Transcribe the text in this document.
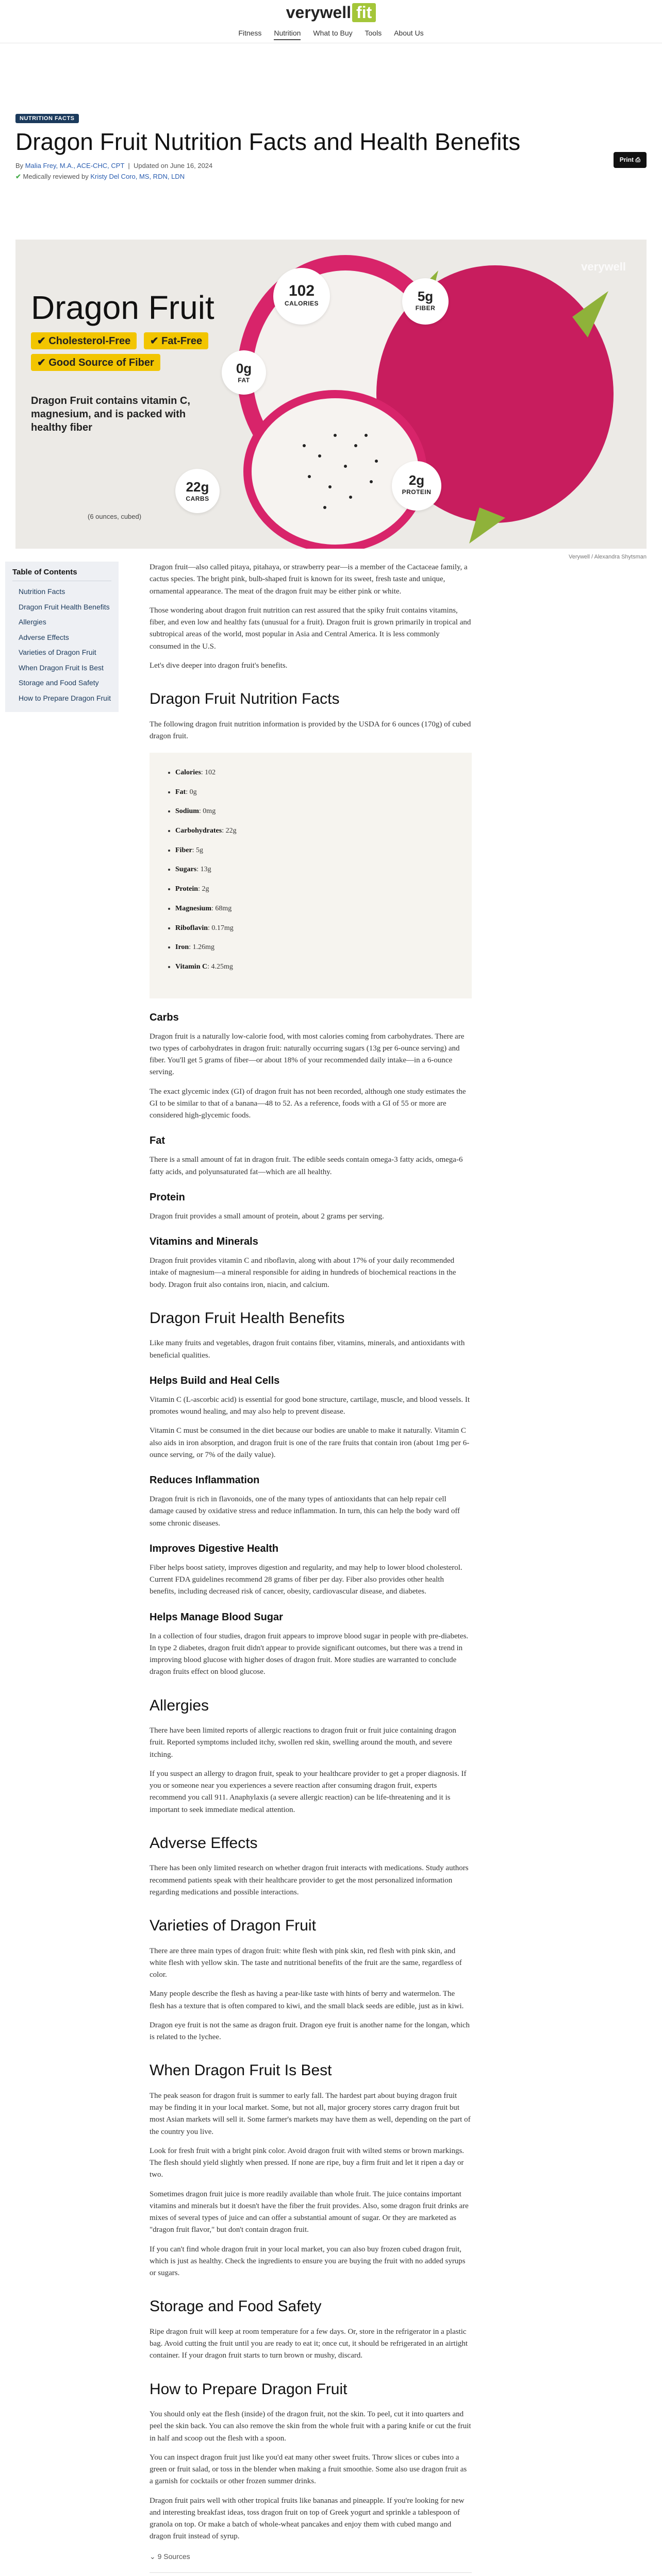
verywell fit
Fitness Nutrition What to Buy Tools About Us
NUTRITION FACTS
Dragon Fruit Nutrition Facts and Health Benefits
By Malia Frey, M.A., ACE-CHC, CPT  |  Updated on June 16, 2024
✔ Medically reviewed by Kristy Del Coro, MS, RDN, LDN
Print ⎙
verywell
Dragon Fruit
✔ Cholesterol-Free ✔ Fat-Free
✔ Good Source of Fiber
Dragon Fruit contains vitamin C, magnesium, and is packed with healthy fiber
102
CALORIES	5g
FIBER
0g
FAT
22g
CARBS
2g
PROTEIN
(6 ounces, cubed)
Verywell / Alexandra Shytsman
Table of Contents
Nutrition Facts
Dragon Fruit Health Benefits
Allergies
Adverse Effects
Varieties of Dragon Fruit
When Dragon Fruit Is Best
Storage and Food Safety
How to Prepare Dragon Fruit

Dragon fruit—also called pitaya, pitahaya, or strawberry pear—is a member of the Cactaceae family, a cactus species. The bright pink, bulb-shaped fruit is known for its sweet, fresh taste and unique, ornamental appearance. The meat of the dragon fruit may be either pink or white.

Those wondering about dragon fruit nutrition can rest assured that the spiky fruit contains vitamins, fiber, and even low and healthy fats (unusual for a fruit). Dragon fruit is grown primarily in tropical and subtropical areas of the world, most popular in Asia and Central America. It is less commonly consumed in the U.S.

Let's dive deeper into dragon fruit's benefits.

Dragon Fruit Nutrition Facts

The following dragon fruit nutrition information is provided by the USDA for 6 ounces (170g) of cubed dragon fruit.

• Calories: 102
• Fat: 0g
• Sodium: 0mg
• Carbohydrates: 22g
• Fiber: 5g
• Sugars: 13g
• Protein: 2g
• Magnesium: 68mg
• Riboflavin: 0.17mg
• Iron: 1.26mg
• Vitamin C: 4.25mg
Carbs

Dragon fruit is a naturally low-calorie food, with most calories coming from carbohydrates. There are two types of carbohydrates in dragon fruit: naturally occurring sugars (13g per 6-ounce serving) and fiber. You'll get 5 grams of fiber—or about 18% of your recommended daily intake—in a 6-ounce serving.

The exact glycemic index (GI) of dragon fruit has not been recorded, although one study estimates the GI to be similar to that of a banana—48 to 52. As a reference, foods with a GI of 55 or more are considered high-glycemic foods.

Fat

There is a small amount of fat in dragon fruit. The edible seeds contain omega-3 fatty acids, omega-6 fatty acids, and polyunsaturated fat—which are all healthy.

Protein

Dragon fruit provides a small amount of protein, about 2 grams per serving.

Vitamins and Minerals

Dragon fruit provides vitamin C and riboflavin, along with about 17% of your daily recommended intake of magnesium—a mineral responsible for aiding in hundreds of biochemical reactions in the body. Dragon fruit also contains iron, niacin, and calcium.

Dragon Fruit Health Benefits

Like many fruits and vegetables, dragon fruit contains fiber, vitamins, minerals, and antioxidants with beneficial qualities.

Helps Build and Heal Cells

Vitamin C (L-ascorbic acid) is essential for good bone structure, cartilage, muscle, and blood vessels. It promotes wound healing, and may also help to prevent disease.

Vitamin C must be consumed in the diet because our bodies are unable to make it naturally. Vitamin C also aids in iron absorption, and dragon fruit is one of the rare fruits that contain iron (about 1mg per 6-ounce serving, or 7% of the daily value).

Reduces Inflammation

Dragon fruit is rich in flavonoids, one of the many types of antioxidants that can help repair cell damage caused by oxidative stress and reduce inflammation. In turn, this can help the body ward off some chronic diseases.

Improves Digestive Health

Fiber helps boost satiety, improves digestion and regularity, and may help to lower blood cholesterol. Current FDA guidelines recommend 28 grams of fiber per day. Fiber also provides other health benefits, including decreased risk of cancer, obesity, cardiovascular disease, and diabetes.

Helps Manage Blood Sugar

In a collection of four studies, dragon fruit appears to improve blood sugar in people with pre-diabetes. In type 2 diabetes, dragon fruit didn't appear to provide significant outcomes, but there was a trend in improving blood glucose with higher doses of dragon fruit. More studies are warranted to conclude dragon fruits effect on blood glucose.

Allergies

There have been limited reports of allergic reactions to dragon fruit or fruit juice containing dragon fruit. Reported symptoms included itchy, swollen red skin, swelling around the mouth, and severe itching.

If you suspect an allergy to dragon fruit, speak to your healthcare provider to get a proper diagnosis. If you or someone near you experiences a severe reaction after consuming dragon fruit, experts recommend you call 911. Anaphylaxis (a severe allergic reaction) can be life-threatening and it is important to seek immediate medical attention.

Adverse Effects

There has been only limited research on whether dragon fruit interacts with medications. Study authors recommend patients speak with their healthcare provider to get the most personalized information regarding medications and possible interactions.

Varieties of Dragon Fruit

There are three main types of dragon fruit: white flesh with pink skin, red flesh with pink skin, and white flesh with yellow skin. The taste and nutritional benefits of the fruit are the same, regardless of color.

Many people describe the flesh as having a pear-like taste with hints of berry and watermelon. The flesh has a texture that is often compared to kiwi, and the small black seeds are edible, just as in kiwi.

Dragon eye fruit is not the same as dragon fruit. Dragon eye fruit is another name for the longan, which is related to the lychee.

When Dragon Fruit Is Best

The peak season for dragon fruit is summer to early fall. The hardest part about buying dragon fruit may be finding it in your local market. Some, but not all, major grocery stores carry dragon fruit but most Asian markets will sell it. Some farmer's markets may have them as well, depending on the part of the country you live.

Look for fresh fruit with a bright pink color. Avoid dragon fruit with wilted stems or brown markings. The flesh should yield slightly when pressed. If none are ripe, buy a firm fruit and let it ripen a day or two.

Sometimes dragon fruit juice is more readily available than whole fruit. The juice contains important vitamins and minerals but it doesn't have the fiber the fruit provides. Also, some dragon fruit drinks are mixes of several types of juice and can offer a substantial amount of sugar. Or they are marketed as "dragon fruit flavor," but don't contain dragon fruit.

If you can't find whole dragon fruit in your local market, you can also buy frozen cubed dragon fruit, which is just as healthy. Check the ingredients to ensure you are buying the fruit with no added syrups or sugars.

Storage and Food Safety

Ripe dragon fruit will keep at room temperature for a few days. Or, store in the refrigerator in a plastic bag. Avoid cutting the fruit until you are ready to eat it; once cut, it should be refrigerated in an airtight container. If your dragon fruit starts to turn brown or mushy, discard.

How to Prepare Dragon Fruit

You should only eat the flesh (inside) of the dragon fruit, not the skin. To peel, cut it into quarters and peel the skin back. You can also remove the skin from the whole fruit with a paring knife or cut the fruit in half and scoop out the flesh with a spoon.

You can inspect dragon fruit just like you'd eat many other sweet fruits. Throw slices or cubes into a green or fruit salad, or toss in the blender when making a fruit smoothie. Some also use dragon fruit as a garnish for cocktails or other frozen summer drinks.

Dragon fruit pairs well with other tropical fruits like bananas and pineapple. If you're looking for new and interesting breakfast ideas, toss dragon fruit on top of Greek yogurt and sprinkle a tablespoon of granola on top. Or make a batch of whole-wheat pancakes and enjoy them with cubed mango and dragon fruit instead of syrup.

⌄ 9 Sources
